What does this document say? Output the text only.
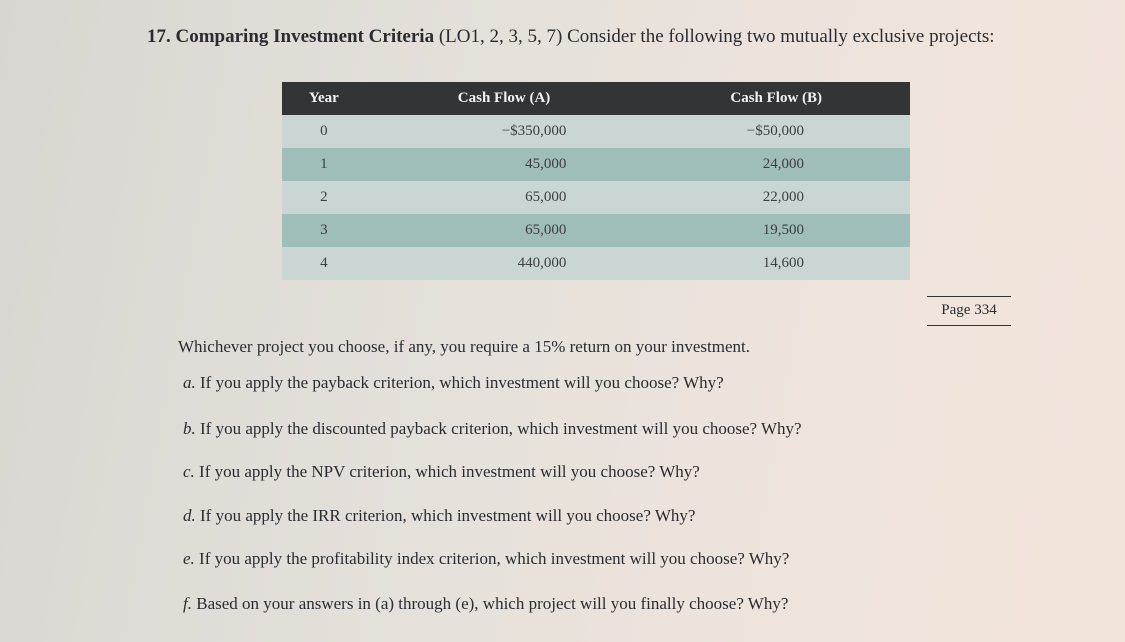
17. Comparing Investment Criteria (LO1, 2, 3, 5, 7) Consider the following two mutually exclusive projects:
Year	Cash Flow (A)	Cash Flow (B)
0	−$350,000	−$50,000
1	45,000	24,000
2	65,000	22,000
3	65,000	19,500
4	440,000	14,600
Page 334
Whichever project you choose, if any, you require a 15% return on your investment.
a. If you apply the payback criterion, which investment will you choose? Why?
b. If you apply the discounted payback criterion, which investment will you choose? Why?
c. If you apply the NPV criterion, which investment will you choose? Why?
d. If you apply the IRR criterion, which investment will you choose? Why?
e. If you apply the profitability index criterion, which investment will you choose? Why?
f. Based on your answers in (a) through (e), which project will you finally choose? Why?
